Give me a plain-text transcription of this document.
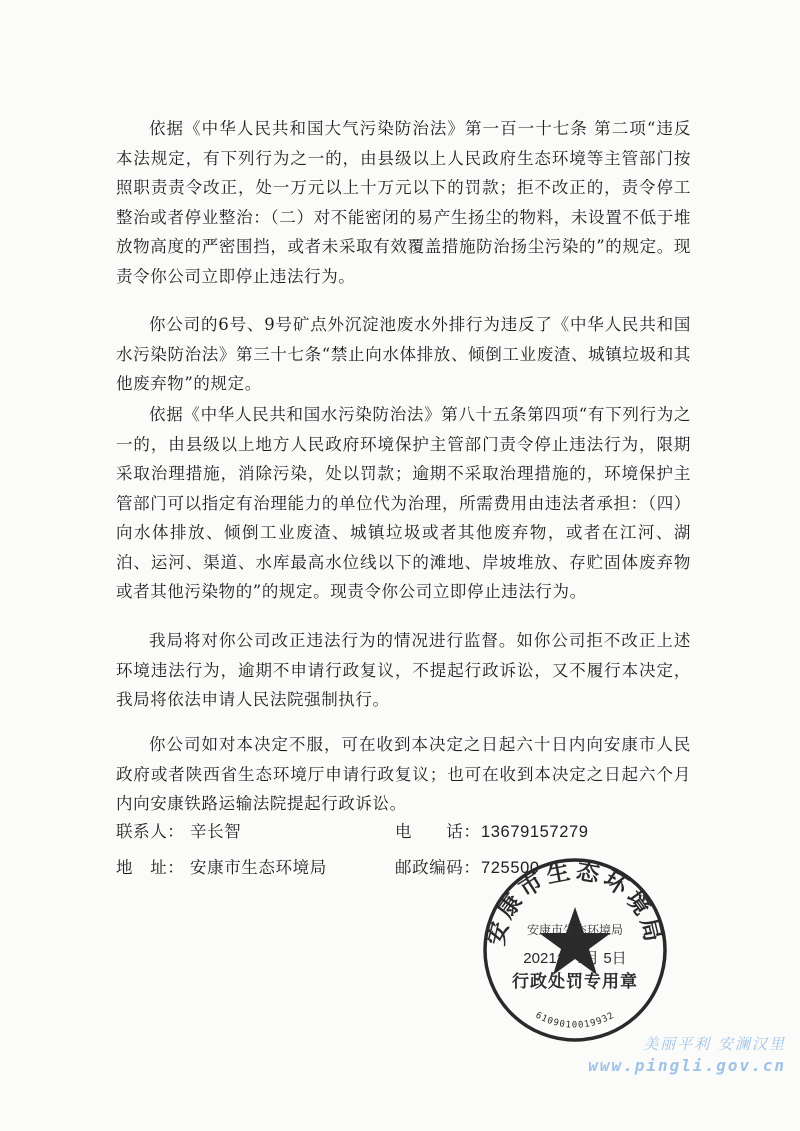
依据《中华人民共和国大气污染防治法》第一百一十七条 第二项“违反本法规定，有下列行为之一的，由县级以上人民政府生态环境等主管部门按照职责责令改正，处一万元以上十万元以下的罚款；拒不改正的，责令停工整治或者停业整治：（二）对不能密闭的易产生扬尘的物料，未设置不低于堆放物高度的严密围挡，或者未采取有效覆盖措施防治扬尘污染的”的规定。现责令你公司立即停止违法行为。

你公司的6号、9号矿点外沉淀池废水外排行为违反了《中华人民共和国水污染防治法》第三十七条“禁止向水体排放、倾倒工业废渣、城镇垃圾和其他废弃物”的规定。

依据《中华人民共和国水污染防治法》第八十五条第四项“有下列行为之一的，由县级以上地方人民政府环境保护主管部门责令停止违法行为，限期采取治理措施，消除污染，处以罚款；逾期不采取治理措施的，环境保护主管部门可以指定有治理能力的单位代为治理，所需费用由违法者承担：（四）向水体排放、倾倒工业废渣、城镇垃圾或者其他废弃物，或者在江河、湖泊、运河、渠道、水库最高水位线以下的滩地、岸坡堆放、存贮固体废弃物或者其他污染物的”的规定。现责令你公司立即停止违法行为。

我局将对你公司改正违法行为的情况进行监督。如你公司拒不改正上述环境违法行为，逾期不申请行政复议，不提起行政诉讼，又不履行本决定，我局将依法申请人民法院强制执行。

你公司如对本决定不服，可在收到本决定之日起六十日内向安康市人民政府或者陕西省生态环境厅申请行政复议；也可在收到本决定之日起六个月内向安康铁路运输法院提起行政诉讼。

联系人： 辛长智	电　　话：13679157279
地　址： 安康市生态环境局	邮政编码：725500
安康市生态环境局
安康市生态环境局
2021年 7月 5日
行政处罚专用章
6109010019932
美丽平利 安澜汉里
www.pingli.gov.cn
